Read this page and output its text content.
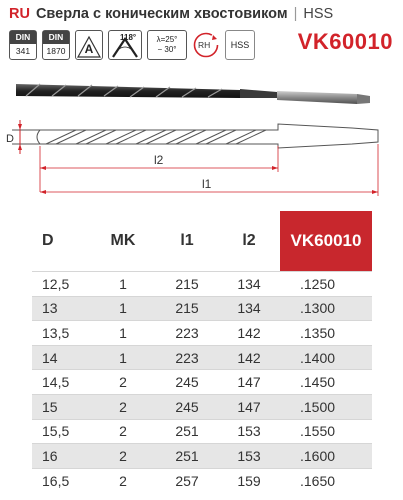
RU Сверла с коническим хвостовиком | HSS
DIN
341
DIN
1870 A
118°	λ=25°
− 30°	RH HSS VK60010
D
l2
l1
D	MK	l1	l2	VK60010
12,5	1	215	134	.1250
13	1	215	134	.1300
13,5	1	223	142	.1350
14	1	223	142	.1400
14,5	2	245	147	.1450
15	2	245	147	.1500
15,5	2	251	153	.1550
16	2	251	153	.1600
16,5	2	257	159	.1650
